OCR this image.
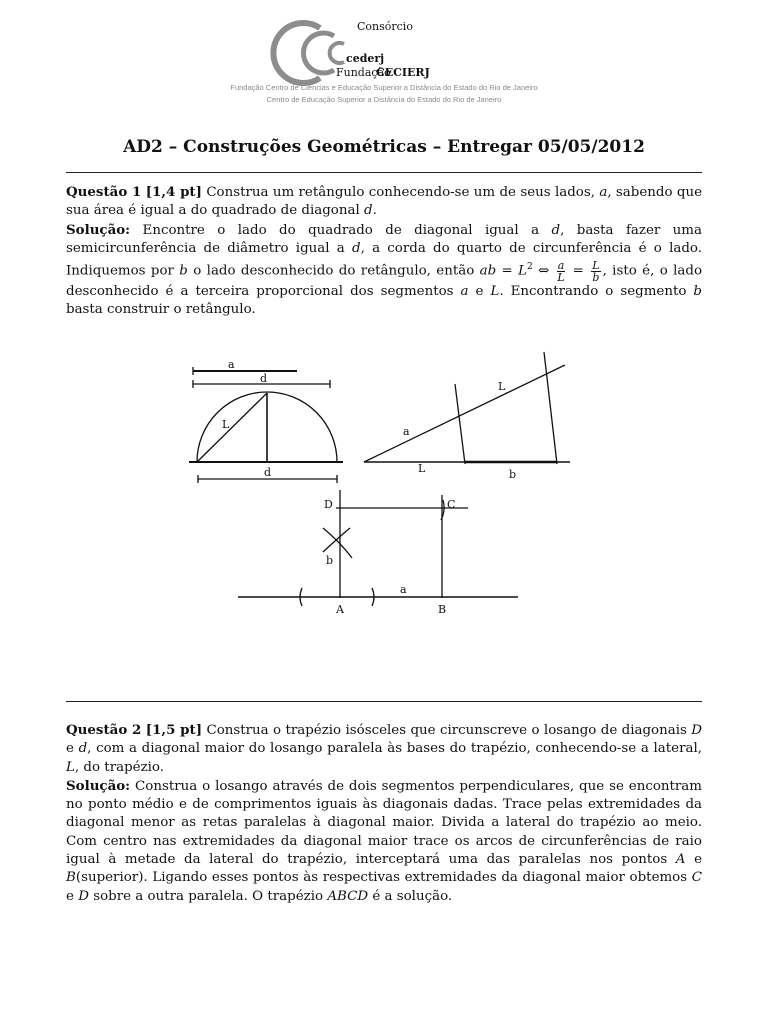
Consórcio
cederj
Fundação
CECIERJ
Fundação Centro de Ciências e Educação Superior a Distância do Estado do Rio de Janeiro
Centro de Educação Superior a Distância do Estado do Rio de Janeiro
AD2 – Construções Geométricas – Entregar 05/05/2012

Questão 1 [1,4 pt] Construa um retângulo conhecendo-se um de seus lados, a, sabendo que sua área é igual a do quadrado de diagonal d.

Solução: Encontre o lado do quadrado de diagonal igual a d, basta fazer uma semicircunferência de diâmetro igual a d, a corda do quarto de circunferência é o lado. Indiquemos por b o lado desconhecido do retângulo, então ab = $L^2$ ⇔ $\frac{a}{L} = \frac{L}{b}$ , isto é, o lado desconhecido é a terceira proporcional dos segmentos a e L. Encontrando o segmento b basta construir o retângulo.

a
d
L
d
L
a
L	b
D	C
b
a
A	B

Questão 2 [1,5 pt] Construa o trapézio isósceles que circunscreve o losango de diagonais D e d, com a diagonal maior do losango paralela às bases do trapézio, conhecendo-se a lateral, L, do trapézio.

Solução: Construa o losango através de dois segmentos perpendiculares, que se encontram no ponto médio e de comprimentos iguais às diagonais dadas. Trace pelas extremidades da diagonal menor as retas paralelas à diagonal maior. Divida a lateral do trapézio ao meio. Com centro nas extremidades da diagonal maior trace os arcos de circunferências de raio igual à metade da lateral do trapézio, interceptará uma das paralelas nos pontos A e B(superior). Ligando esses pontos às respectivas extremidades da diagonal maior obtemos C e D sobre a outra paralela. O trapézio ABCD é a solução.
